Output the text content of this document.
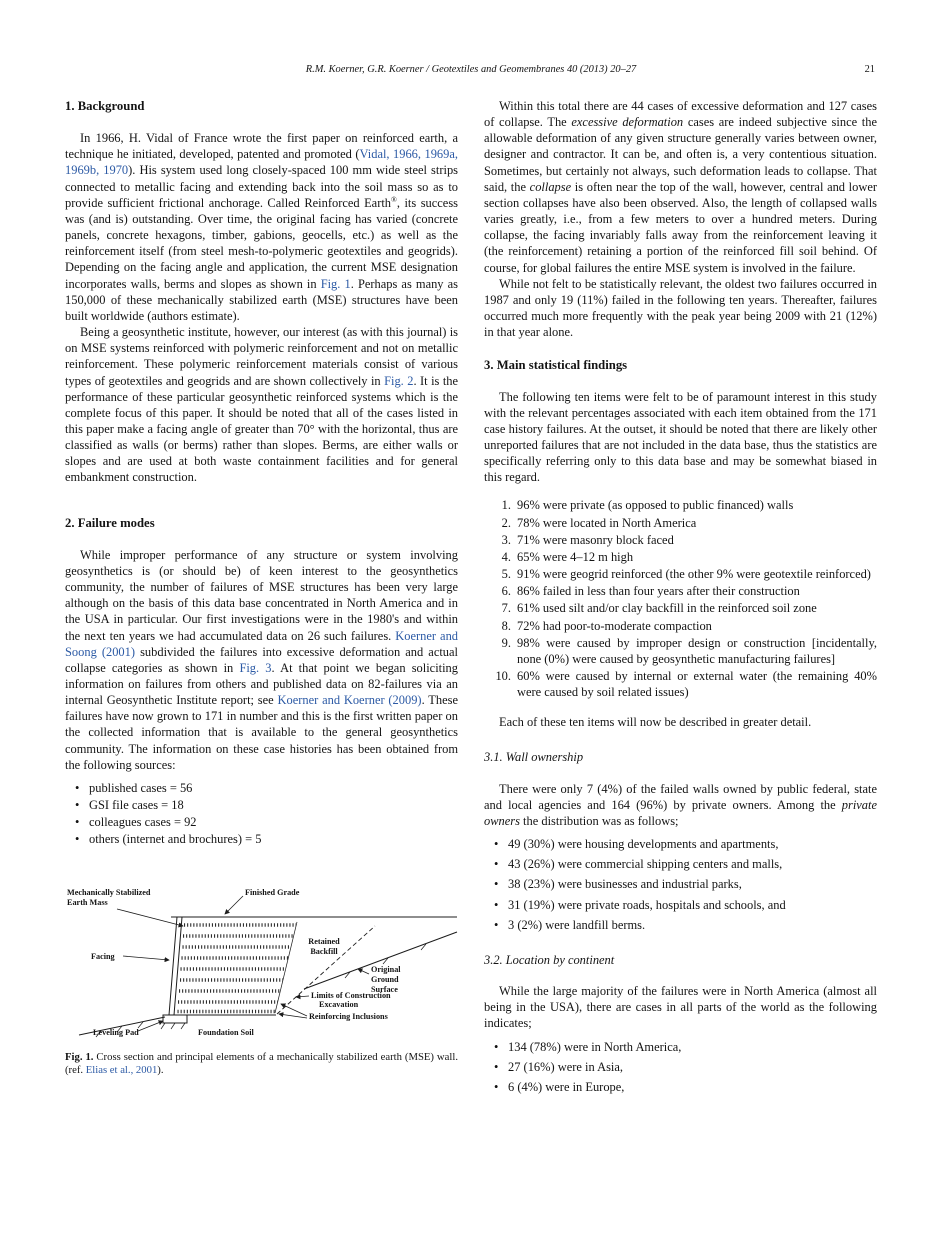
R.M. Koerner, G.R. Koerner / Geotextiles and Geomembranes 40 (2013) 20–27	21
1. Background

In 1966, H. Vidal of France wrote the first paper on reinforced earth, a technique he initiated, developed, patented and promoted (Vidal, 1966, 1969a, 1969b, 1970). His system used long closely-spaced 100 mm wide steel strips connected to metallic facing and extending back into the soil mass so as to provide sufficient frictional anchorage. Called Reinforced Earth®, its success was (and is) outstanding. Over time, the original facing has varied (concrete panels, concrete hexagons, timber, gabions, geocells, etc.) as well as the reinforcement itself (from steel mesh-to-polymeric geotextiles and geogrids). Depending on the facing angle and application, the current MSE designation incorporates walls, berms and slopes as shown in Fig. 1. Perhaps as many as 150,000 of these mechanically stabilized earth (MSE) structures have been built worldwide (authors estimate).

Being a geosynthetic institute, however, our interest (as with this journal) is on MSE systems reinforced with polymeric reinforcement and not on metallic reinforcement. These polymeric reinforcement materials consist of various types of geotextiles and geogrids and are shown collectively in Fig. 2. It is the performance of these particular geosynthetic reinforced systems which is the complete focus of this paper. It should be noted that all of the cases listed in this paper make a facing angle of greater than 70° with the horizontal, thus are classified as walls (or berms) rather than slopes. Berms, are either walls or slopes and are used at both waste containment facilities and for general embankment construction.

2. Failure modes

While improper performance of any structure or system involving geosynthetics is (or should be) of keen interest to the geosynthetics community, the number of failures of MSE structures has been very large although on the basis of this data base concentrated in North America and in the USA in particular. Our first investigations were in the 1980's and within the next ten years we had accumulated data on 26 such failures. Koerner and Soong (2001) subdivided the failures into excessive deformation and actual collapse categories as shown in Fig. 3. At that point we began soliciting information on failures from others and published data on 82-failures via an internal Geosynthetic Institute report; see Koerner and Koerner (2009). These failures have now grown to 171 in number and this is the first written paper on the collected information that is available to the general geosynthetics community. The information on these case histories has been obtained from the following sources:

• published cases = 56
• GSI file cases = 18
• colleagues cases = 92
• others (internet and brochures) = 5
Mechanically Stabilized
Earth Mass
Finished Grade
Facing
Retained
Backfill
Original
Ground
Surface
Limits of Construction
Excavation
Reinforcing Inclusions
Leveling Pad	Foundation Soil
Fig. 1. Cross section and principal elements of a mechanically stabilized earth (MSE) wall. (ref. Elias et al., 2001).

Within this total there are 44 cases of excessive deformation and 127 cases of collapse. The excessive deformation cases are indeed subjective since the allowable deformation of any given structure generally varies between owner, designer and contractor. It can be, and often is, a very contentious situation. Sometimes, but certainly not always, such deformation leads to collapse. That said, the collapse is often near the top of the wall, however, central and lower section collapses have also been observed. Also, the length of collapsed walls varies greatly, i.e., from a few meters to over a hundred meters. During collapse, the facing invariably falls away from the reinforcement leaving it (the reinforcement) retaining a portion of the reinforced fill soil behind. Of course, for global failures the entire MSE system is involved in the failure.

While not felt to be statistically relevant, the oldest two failures occurred in 1987 and only 19 (11%) failed in the following ten years. Thereafter, failures occurred much more frequently with the peak year being 2009 with 21 (12%) in that year alone.

3. Main statistical findings

The following ten items were felt to be of paramount interest in this study with the relevant percentages associated with each item obtained from the 171 case history failures. At the outset, it should be noted that there are likely other unreported failures that are not included in the data base, thus the statistics are specifically referring only to this data base and may be somewhat biased in this regard.

1. 96% were private (as opposed to public financed) walls
2. 78% were located in North America
3. 71% were masonry block faced
4. 65% were 4–12 m high
5. 91% were geogrid reinforced (the other 9% were geotextile reinforced)
6. 86% failed in less than four years after their construction
7. 61% used silt and/or clay backfill in the reinforced soil zone
8. 72% had poor-to-moderate compaction
9. 98% were caused by improper design or construction [incidentally, none (0%) were caused by geosynthetic manufacturing failures]
10. 60% were caused by internal or external water (the remaining 40% were caused by soil related issues)

Each of these ten items will now be described in greater detail.

3.1. Wall ownership

There were only 7 (4%) of the failed walls owned by public federal, state and local agencies and 164 (96%) by private owners. Among the private owners the distribution was as follows;

• 49 (30%) were housing developments and apartments,
• 43 (26%) were commercial shipping centers and malls,
• 38 (23%) were businesses and industrial parks,
• 31 (19%) were private roads, hospitals and schools, and
• 3 (2%) were landfill berms.
3.2. Location by continent

While the large majority of the failures were in North America (almost all being in the USA), there are cases in all parts of the world as the following indicates;

• 134 (78%) were in North America,
• 27 (16%) were in Asia,
• 6 (4%) were in Europe,
